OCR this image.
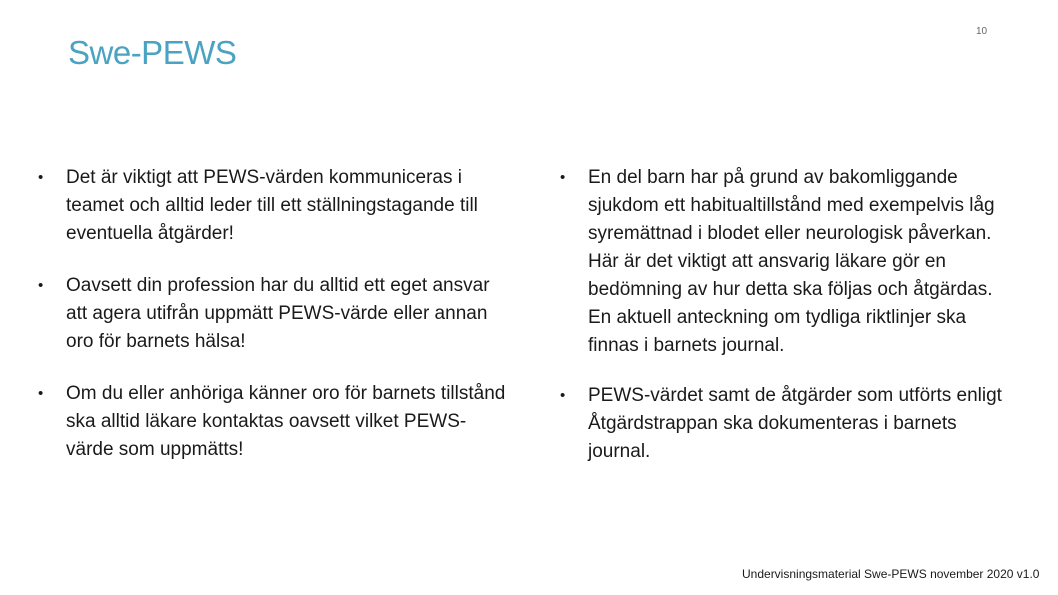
Swe-PEWS
10
• Det är viktigt att PEWS-värden kommuniceras i teamet och alltid leder till ett ställningstagande till eventuella åtgärder!
• Oavsett din profession har du alltid ett eget ansvar att agera utifrån uppmätt PEWS-värde eller annan oro för barnets hälsa!
• Om du eller anhöriga känner oro för barnets tillstånd ska alltid läkare kontaktas oavsett vilket PEWS-värde som uppmätts!
• En del barn har på grund av bakomliggande sjukdom ett habitualtillstånd med exempelvis låg syremättnad i blodet eller neurologisk påverkan. Här är det viktigt att ansvarig läkare gör en bedömning av hur detta ska följas och åtgärdas. En aktuell anteckning om tydliga riktlinjer ska finnas i barnets journal.
• PEWS-värdet samt de åtgärder som utförts enligt Åtgärdstrappan ska dokumenteras i barnets journal.
Undervisningsmaterial Swe-PEWS november 2020 v1.0
